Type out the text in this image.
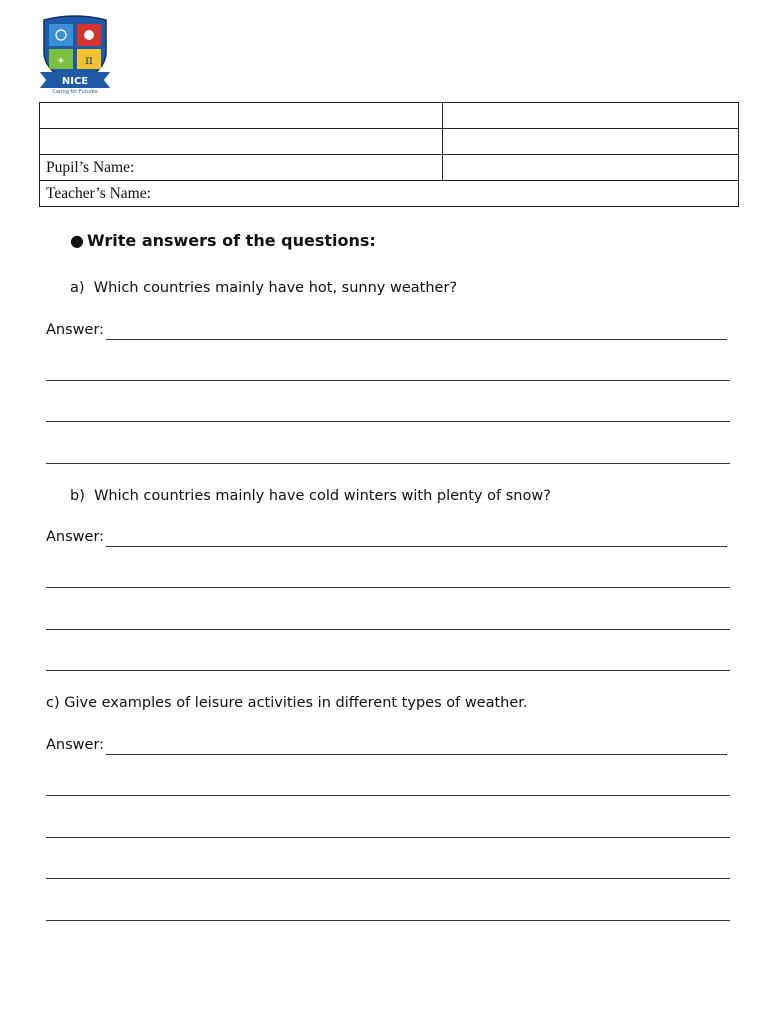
✦ π
NICE
Caring for Futures

Pupil’s Name:	
Teacher’s Name:	
● Write answers of the questions:
a) Which countries mainly have hot, sunny weather?
Answer:
b) Which countries mainly have cold winters with plenty of snow?
Answer:
c) Give examples of leisure activities in different types of weather.
Answer:
